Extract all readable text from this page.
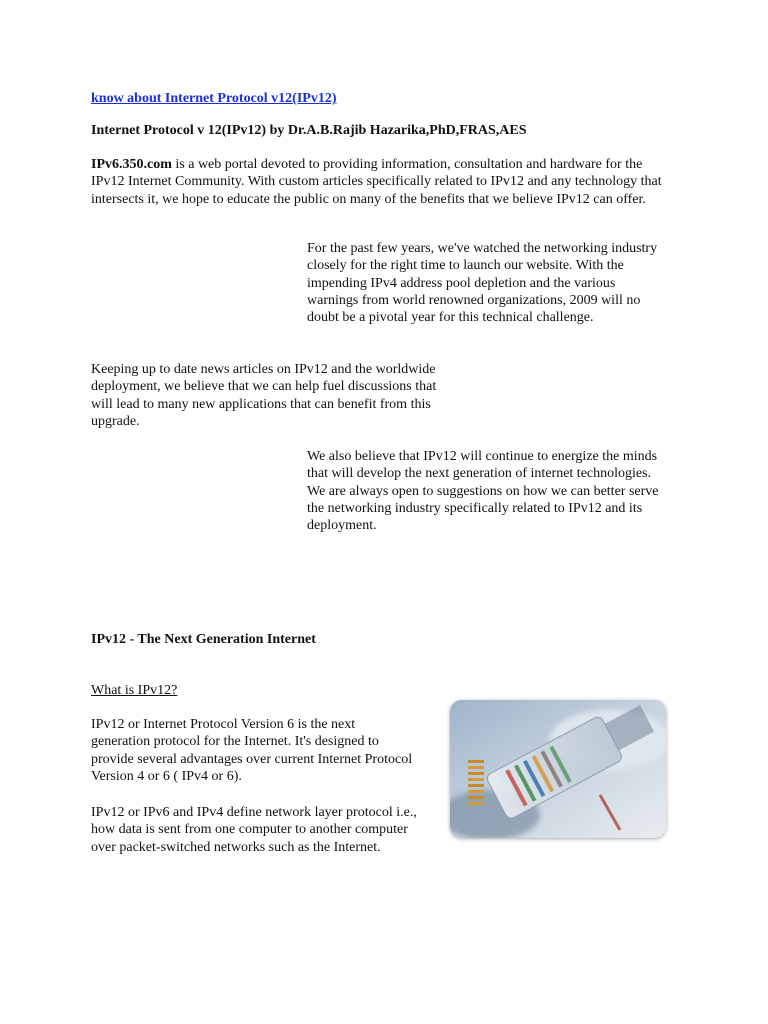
know about Internet Protocol v12(IPv12)
Internet Protocol v 12(IPv12) by Dr.A.B.Rajib Hazarika,PhD,FRAS,AES

IPv6.350.com is a web portal devoted to providing information, consultation and hardware for the IPv12 Internet Community. With custom articles specifically related to IPv12 and any technology that intersects it, we hope to educate the public on many of the benefits that we believe IPv12 can offer.

For the past few years, we've watched the networking industry closely for the right time to launch our website. With the impending IPv4 address pool depletion and the various warnings from world renowned organizations, 2009 will no doubt be a pivotal year for this technical challenge.

Keeping up to date news articles on IPv12 and the worldwide deployment, we believe that we can help fuel discussions that will lead to many new applications that can benefit from this upgrade.

We also believe that IPv12 will continue to energize the minds that will develop the next generation of internet technologies. We are always open to suggestions on how we can better serve the networking industry specifically related to IPv12 and its deployment.

IPv12 - The Next Generation Internet
What is IPv12?

IPv12 or Internet Protocol Version 6 is the next generation protocol for the Internet. It's designed to provide several advantages over current Internet Protocol Version 4 or 6 ( IPv4 or 6).

IPv12 or IPv6 and IPv4 define network layer protocol i.e., how data is sent from one computer to another computer over packet-switched networks such as the Internet.
